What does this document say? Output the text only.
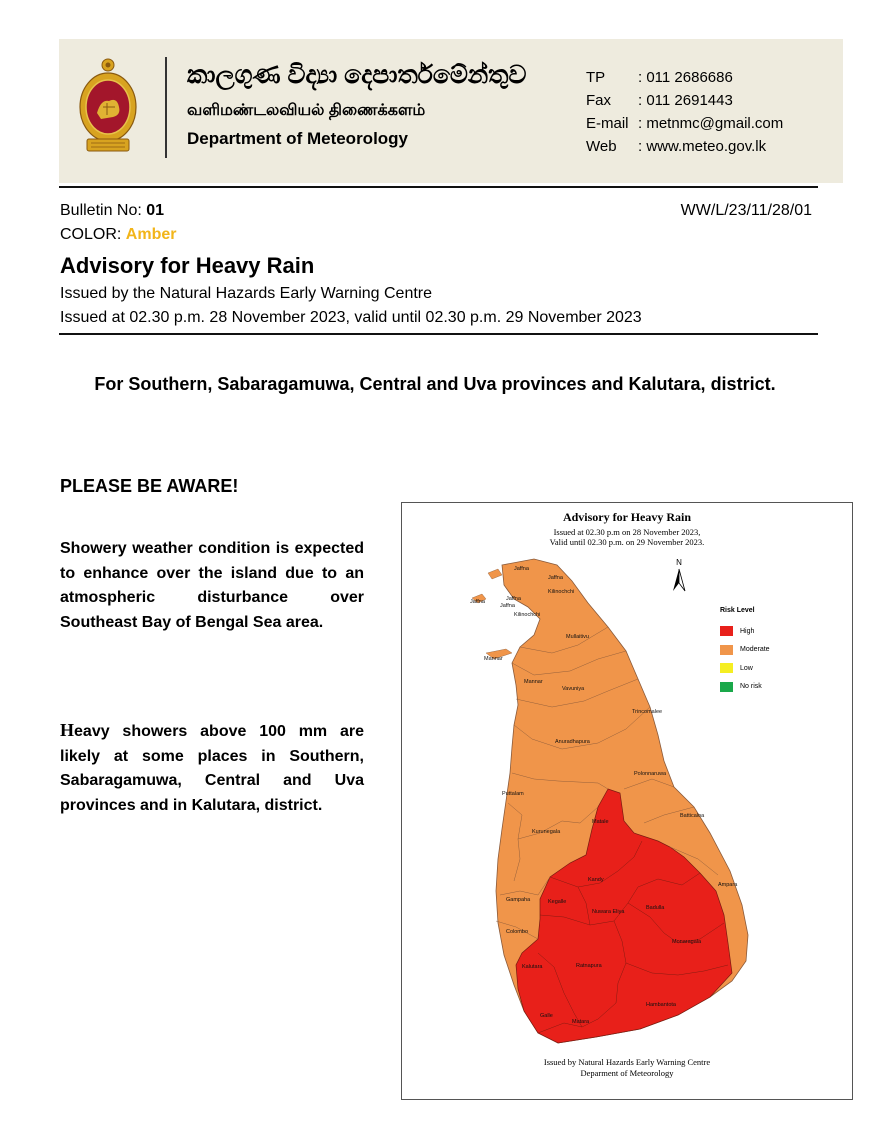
කාලගුණ විද්‍යා දෙපාර්තමේන්තුව
வளிமண்டலவியல் திணைக்களம்
Department of Meteorology
TP : 011 2686686
Fax : 011 2691443
E-mail : metnmc@gmail.com
Web : www.meteo.gov.lk
Bulletin No: 01	WW/L/23/11/28/01
COLOR: Amber
Advisory for Heavy Rain
Issued by the Natural Hazards Early Warning Centre
Issued at 02.30 p.m. 28 November 2023, valid until 02.30 p.m. 29 November 2023
For Southern, Sabaragamuwa, Central and Uva provinces and Kalutara, district.
PLEASE BE AWARE!
Showery weather condition is expected to enhance over the island due to an atmospheric disturbance over Southeast Bay of Bengal Sea area.
Heavy showers above 100 mm are likely at some places in Southern, Sabaragamuwa, Central and Uva provinces and in Kalutara, district.
Advisory for Heavy Rain
Issued at 02.30 p.m on 28 November 2023,
Valid until 02.30 p.m. on 29 November 2023.
N
Jaffna
Jaffna
Jaffna
Jaffna
Jaffna
Kilinochchi
Kilinochchi
Mullaitivu
Mannar
Mannar
Vavuniya
Trincomalee
Anuradhapura
Polonnaruwa
Puttalam
Batticaloa
Matale
Kurunegala
Kandy
Ampara
Gampaha	Kegalle
Nuwara Eliya
Badulla
Colombo
Monaragala
Kalutara	Ratnapura
Hambantota
Galle
Matara
Risk Level
High
Moderate
Low
No risk
Issued by Natural Hazards Early Warning Centre
Deparment of Meteorology
